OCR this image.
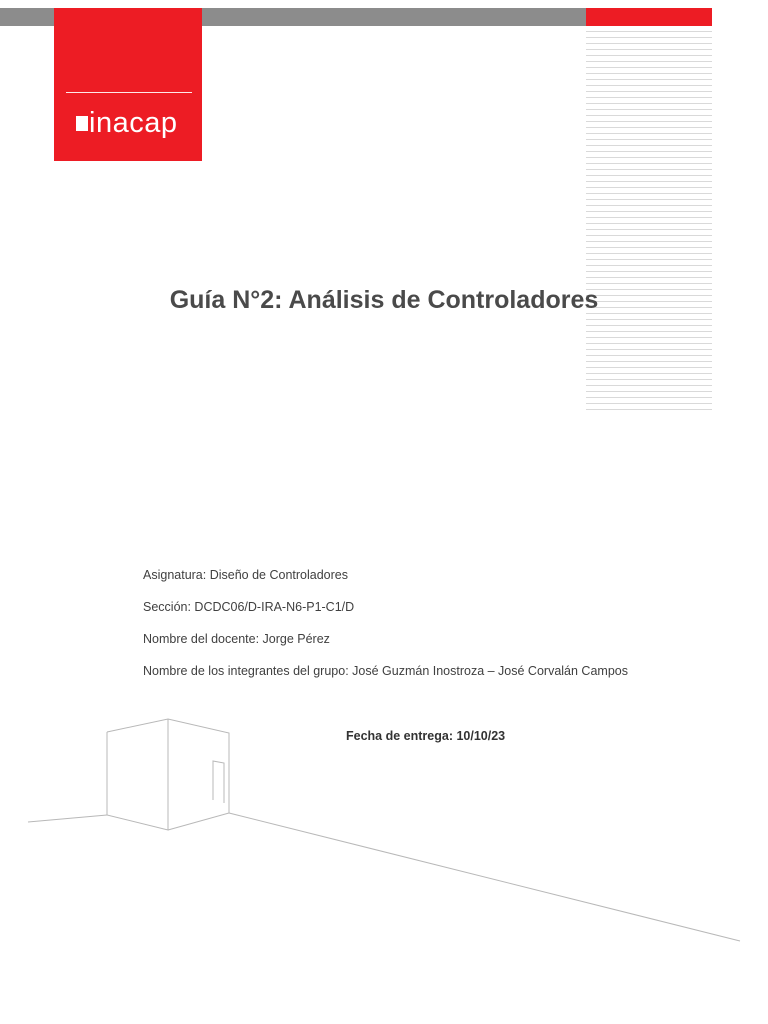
inacap
Guía N°2: Análisis de Controladores
Asignatura: Diseño de Controladores
Sección: DCDC06/D-IRA-N6-P1-C1/D
Nombre del docente: Jorge Pérez
Nombre de los integrantes del grupo: José Guzmán Inostroza – José Corvalán Campos
Fecha de entrega: 10/10/23
